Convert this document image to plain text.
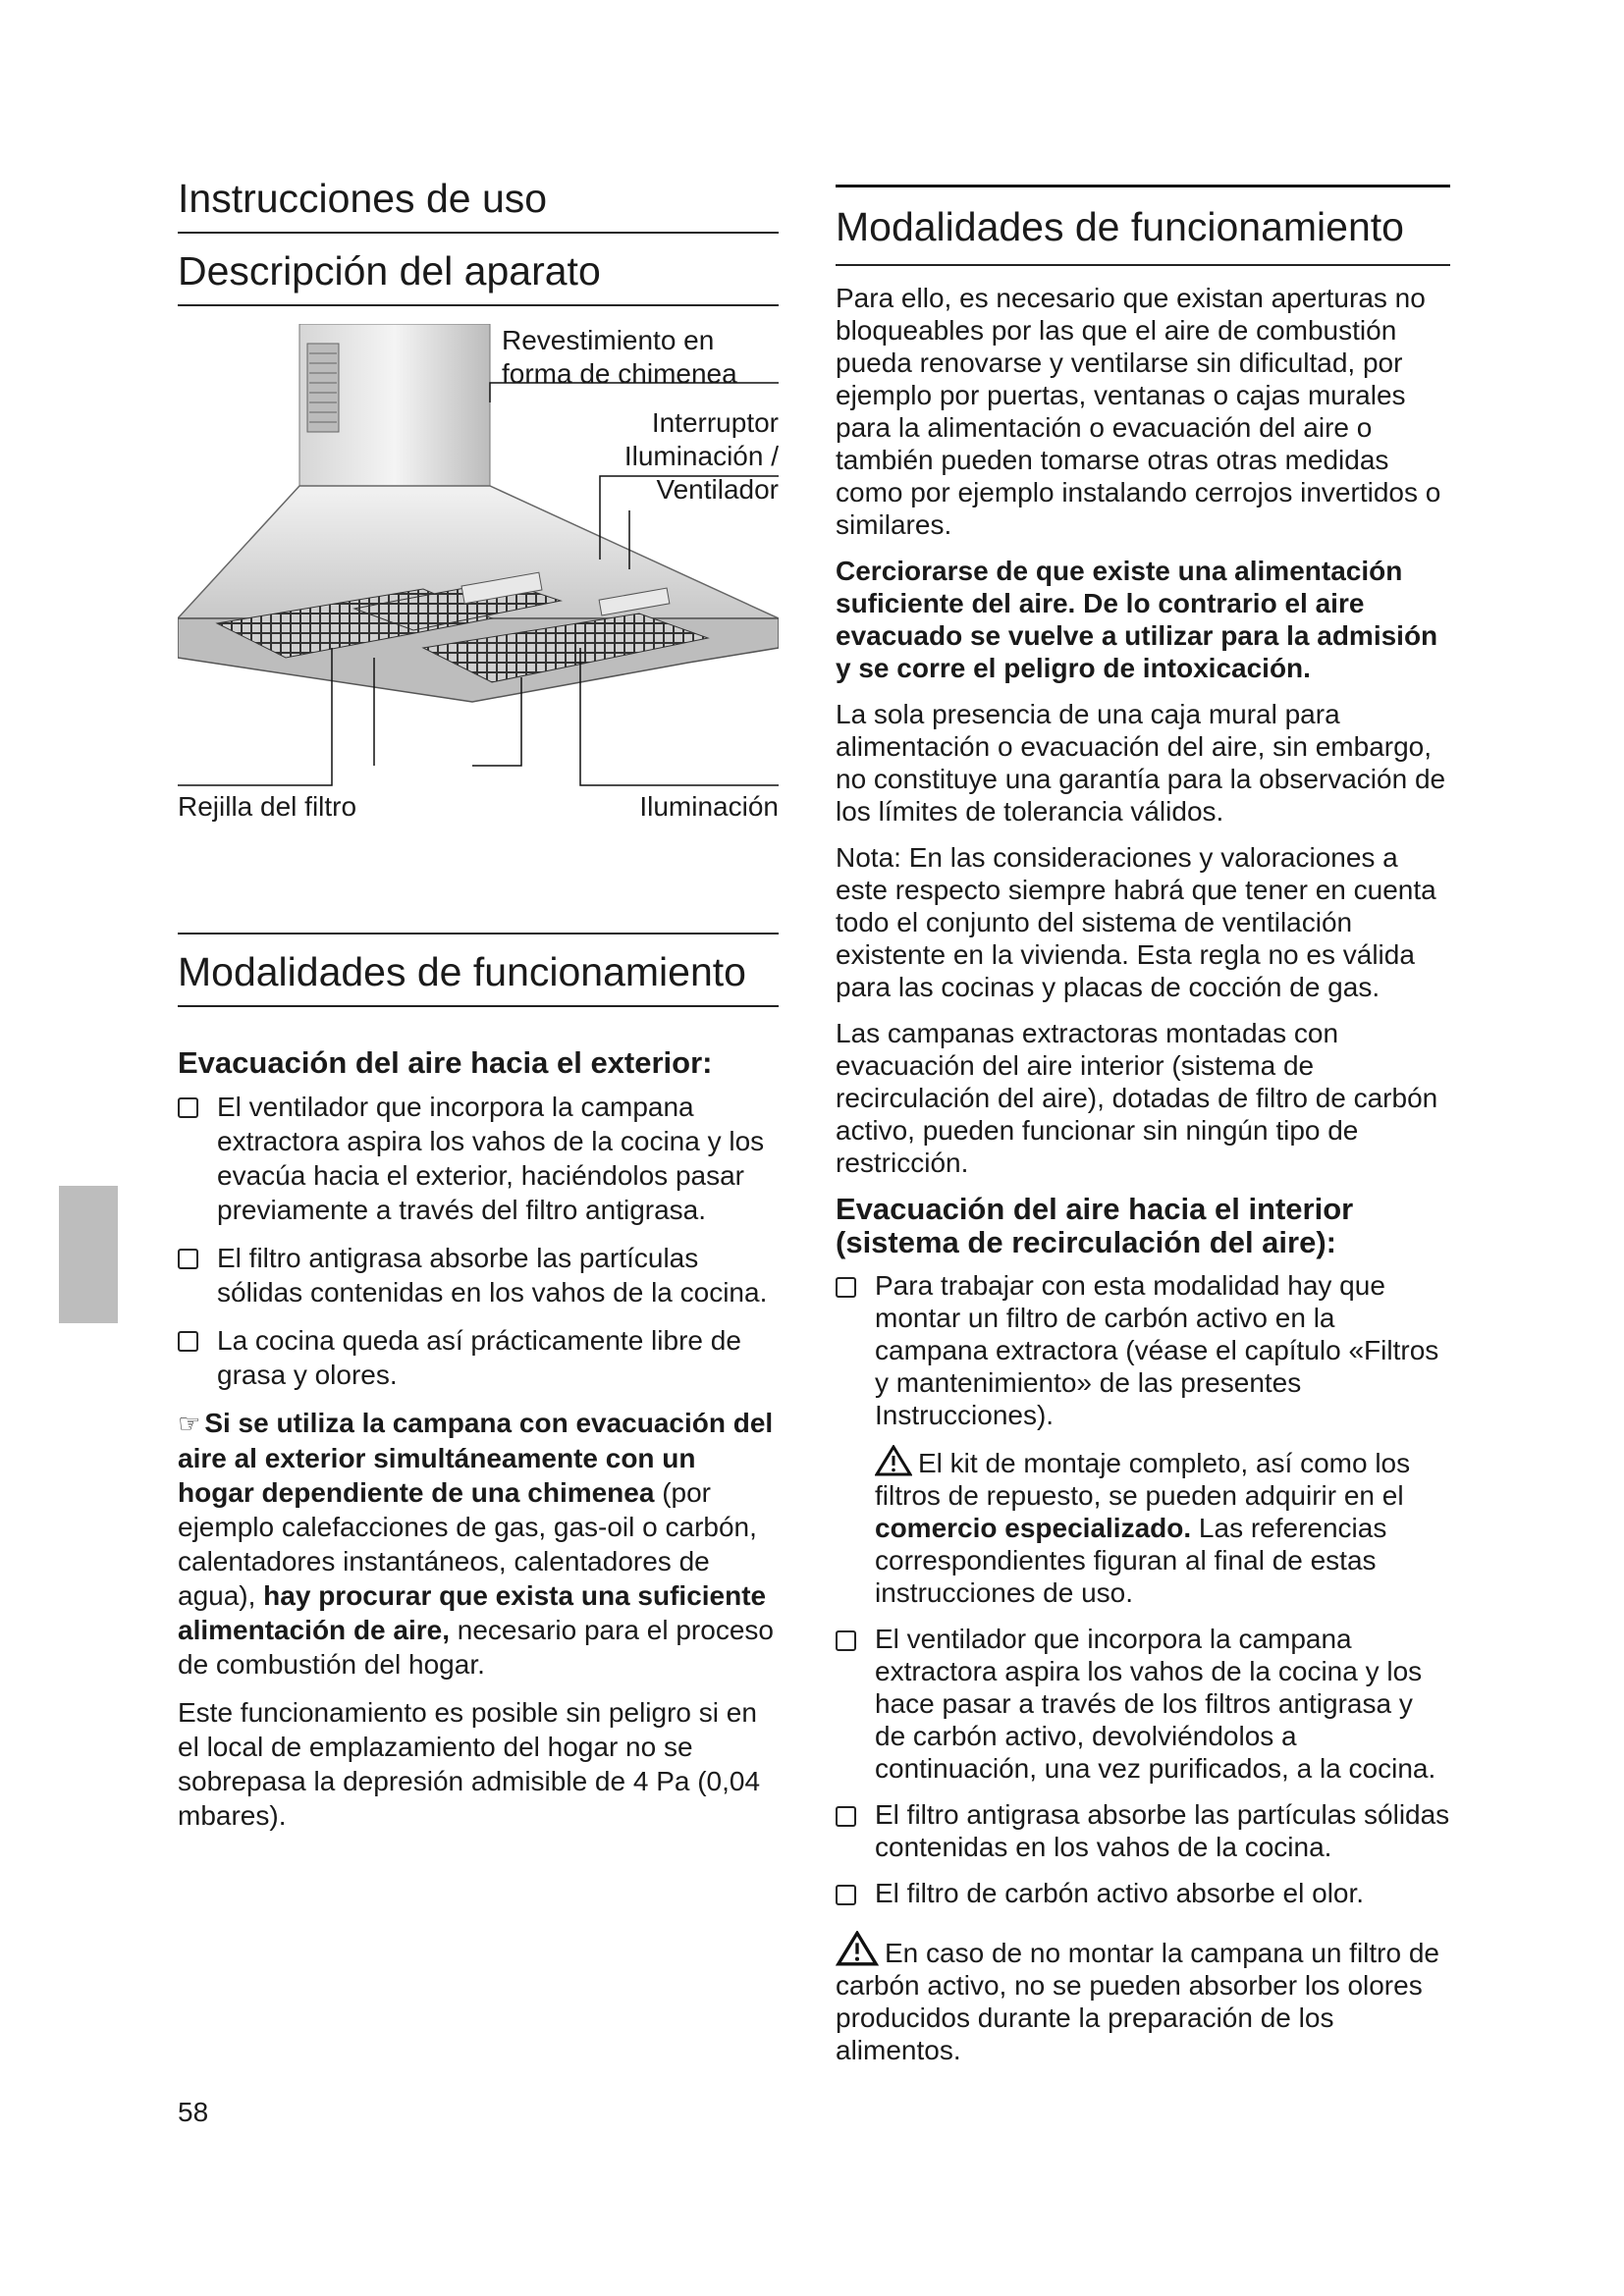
Instrucciones de uso
Descripción del aparato
Revestimiento en
forma de chimenea
Interruptor
Iluminación /
Ventilador
Rejilla del filtro	Iluminación
Modalidades de funcionamiento
Evacuación del aire hacia el exterior:
El ventilador que incorpora la campana extractora aspira los vahos de la cocina y los evacúa hacia el exterior, haciéndolos pasar previamente a través del filtro antigrasa.
El filtro antigrasa absorbe las partículas sólidas contenidas en los vahos de la cocina.
La cocina queda así prácticamente libre de grasa y olores.

☞ Si se utiliza la campana con evacuación del aire al exterior simultáneamente con un hogar dependiente de una chimenea (por ejemplo calefacciones de gas, gas-oil o carbón, calentadores instantáneos, calentadores de agua), hay procurar que exista una suficiente alimentación de aire, necesario para el proceso de combustión del hogar.

Este funcionamiento es posible sin peligro si en el local de emplazamiento del hogar no se sobrepasa la depresión admisible de 4 Pa (0,04 mbares).

Modalidades de funcionamiento

Para ello, es necesario que existan aperturas no bloqueables por las que el aire de combustión pueda renovarse y ventilarse sin dificultad, por ejemplo por puertas, ventanas o cajas murales para la alimentación o evacuación del aire o también pueden tomarse otras otras medidas como por ejemplo instalando cerrojos invertidos o similares.

Cerciorarse de que existe una alimentación suficiente del aire. De lo contrario el aire evacuado se vuelve a utilizar para la admisión y se corre el peligro de intoxicación.

La sola presencia de una caja mural para alimentación o evacuación del aire, sin embargo, no constituye una garantía para la observación de los límites de tolerancia válidos.

Nota: En las consideraciones y valoraciones a este respecto siempre habrá que tener en cuenta todo el conjunto del sistema de ventilación existente en la vivienda. Esta regla no es válida para las cocinas y placas de cocción de gas.

Las campanas extractoras montadas con evacuación del aire interior (sistema de recirculación del aire), dotadas de filtro de carbón activo, pueden funcionar sin ningún tipo de restricción.

Evacuación del aire hacia el interior (sistema de recirculación del aire):
Para trabajar con esta modalidad hay que montar un filtro de carbón activo en la campana extractora (véase el capítulo «Filtros y mantenimiento» de las presentes Instrucciones).
El kit de montaje completo, así como los filtros de repuesto, se pueden adquirir en el comercio especializado. Las referencias correspondientes figuran al final de estas instrucciones de uso.
El ventilador que incorpora la campana extractora aspira los vahos de la cocina y los hace pasar a través de los filtros antigrasa y de carbón activo, devolviéndolos a continuación, una vez purificados, a la cocina.
El filtro antigrasa absorbe las partículas sólidas contenidas en los vahos de la cocina.
El filtro de carbón activo absorbe el olor.

En caso de no montar la campana un filtro de carbón activo, no se pueden absorber los olores producidos durante la preparación de los alimentos.

58
